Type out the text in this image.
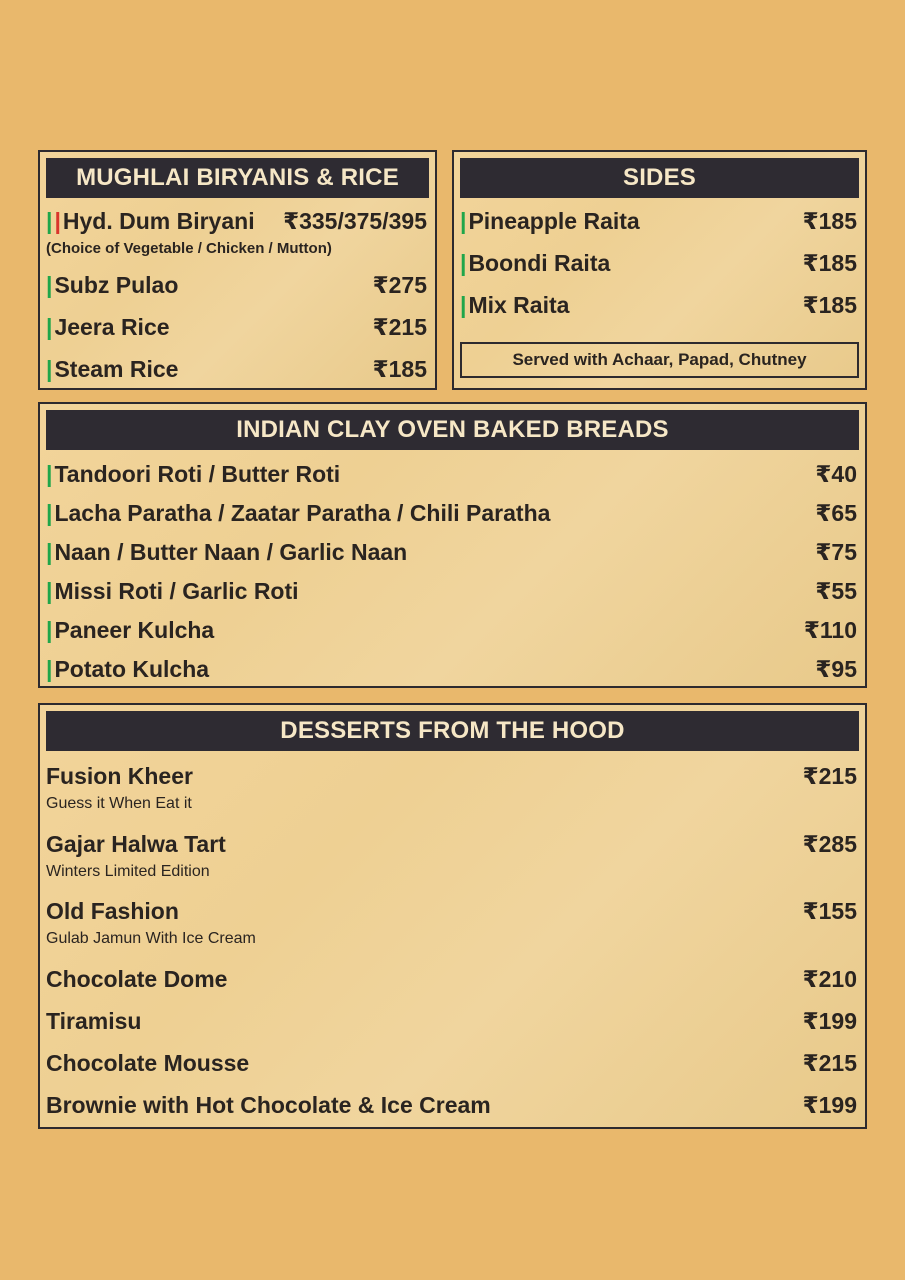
MUGHLAI BIRYANIS & RICE
||Hyd. Dum Biryani ₹335/375/395
(Choice of Vegetable / Chicken / Mutton)
|Subz Pulao	₹275
|Jeera Rice	₹215
|Steam Rice	₹185
SIDES
|Pineapple Raita	₹185
|Boondi Raita	₹185
|Mix Raita	₹185
Served with Achaar, Papad, Chutney
INDIAN CLAY OVEN BAKED BREADS
|Tandoori Roti / Butter Roti	₹40
|Lacha Paratha / Zaatar Paratha / Chili Paratha	₹65
|Naan / Butter Naan / Garlic Naan	₹75
|Missi Roti / Garlic Roti	₹55
|Paneer Kulcha	₹110
|Potato Kulcha	₹95
DESSERTS FROM THE HOOD
Fusion Kheer	₹215
Guess it When Eat it
Gajar Halwa Tart	₹285
Winters Limited Edition
Old Fashion	₹155
Gulab Jamun With Ice Cream
Chocolate Dome	₹210
Tiramisu	₹199
Chocolate Mousse	₹215
Brownie with Hot Chocolate & Ice Cream	₹199
